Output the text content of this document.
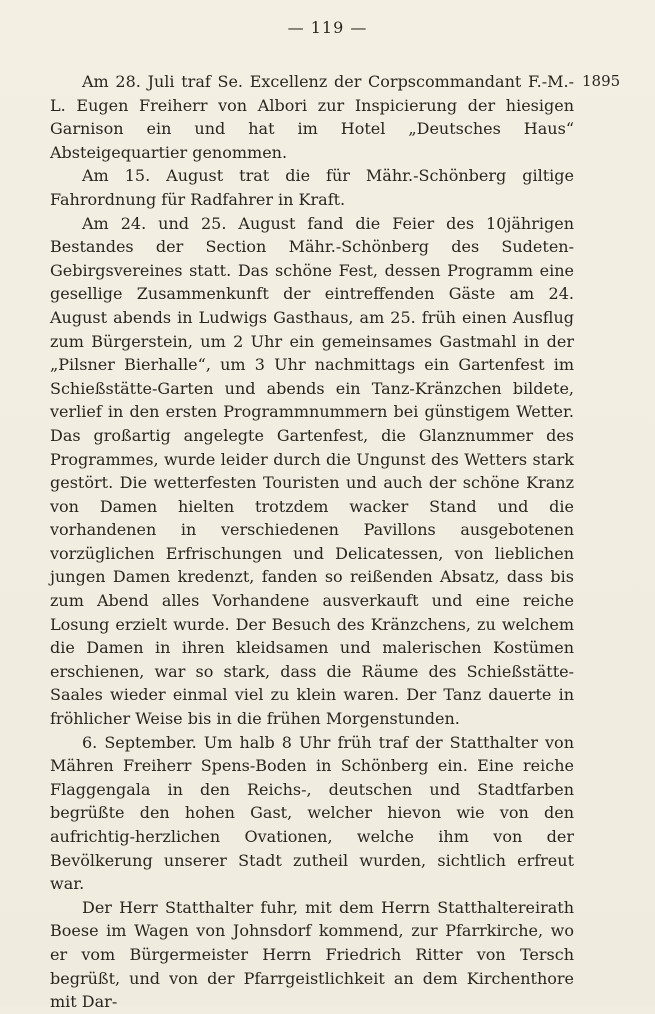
— 119 —
1895

Am 28. Juli traf Se. Excellenz der Corpscommandant F.-M.-L. Eugen Freiherr von Albori zur Inspicierung der hiesigen Garnison ein und hat im Hotel „Deutsches Haus“ Absteigequartier genommen.

Am 15. August trat die für Mähr.-Schönberg giltige Fahrordnung für Radfahrer in Kraft.

Am 24. und 25. August fand die Feier des 10jährigen Bestandes der Section Mähr.-Schönberg des Sudeten-Gebirgsvereines statt. Das schöne Fest, dessen Programm eine gesellige Zusammenkunft der eintreffenden Gäste am 24. August abends in Ludwigs Gasthaus, am 25. früh einen Ausflug zum Bürgerstein, um 2 Uhr ein gemeinsames Gastmahl in der „Pilsner Bierhalle“, um 3 Uhr nachmittags ein Gartenfest im Schießstätte-Garten und abends ein Tanz-Kränzchen bildete, verlief in den ersten Programmnummern bei günstigem Wetter. Das großartig angelegte Gartenfest, die Glanznummer des Programmes, wurde leider durch die Ungunst des Wetters stark gestört. Die wetterfesten Touristen und auch der schöne Kranz von Damen hielten trotzdem wacker Stand und die vorhandenen in verschiedenen Pavillons ausgebotenen vorzüglichen Erfrischungen und Delicatessen, von lieblichen jungen Damen kredenzt, fanden so reißenden Absatz, dass bis zum Abend alles Vorhandene ausverkauft und eine reiche Losung erzielt wurde. Der Besuch des Kränzchens, zu welchem die Damen in ihren kleidsamen und malerischen Kostümen erschienen, war so stark, dass die Räume des Schießstätte-Saales wieder einmal viel zu klein waren. Der Tanz dauerte in fröhlicher Weise bis in die frühen Morgenstunden.

6. September. Um halb 8 Uhr früh traf der Statthalter von Mähren Freiherr Spens-Boden in Schönberg ein. Eine reiche Flaggengala in den Reichs-, deutschen und Stadtfarben begrüßte den hohen Gast, welcher hievon wie von den aufrichtig-herzlichen Ovationen, welche ihm von der Bevölkerung unserer Stadt zutheil wurden, sichtlich erfreut war.

Der Herr Statthalter fuhr, mit dem Herrn Statthaltereirath Boese im Wagen von Johnsdorf kommend, zur Pfarrkirche, wo er vom Bürgermeister Herrn Friedrich Ritter von Tersch begrüßt, und von der Pfarrgeistlichkeit an dem Kirchenthore mit Dar-
